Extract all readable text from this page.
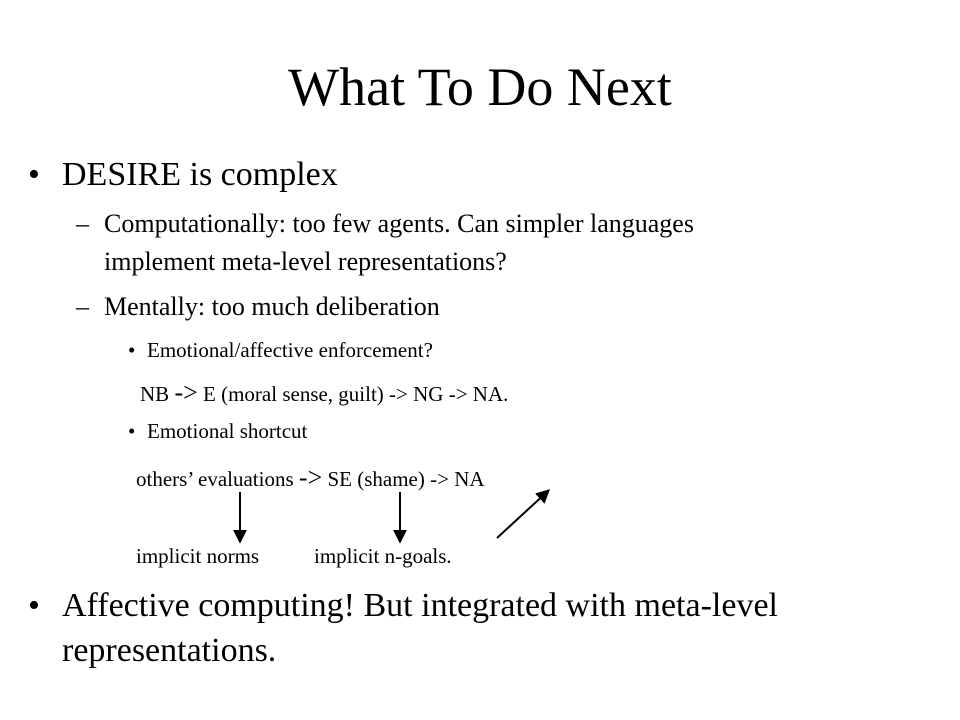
What To Do Next
• DESIRE is complex
– Computationally: too few agents. Can simpler languages
implement meta-level representations?
– Mentally: too much deliberation
• Emotional/affective enforcement?
NB -> E (moral sense, guilt) -> NG -> NA.
• Emotional shortcut
others’ evaluations -> SE (shame) -> NA
implicit norms	implicit n-goals.
• Affective computing! But integrated with meta-level
representations.
